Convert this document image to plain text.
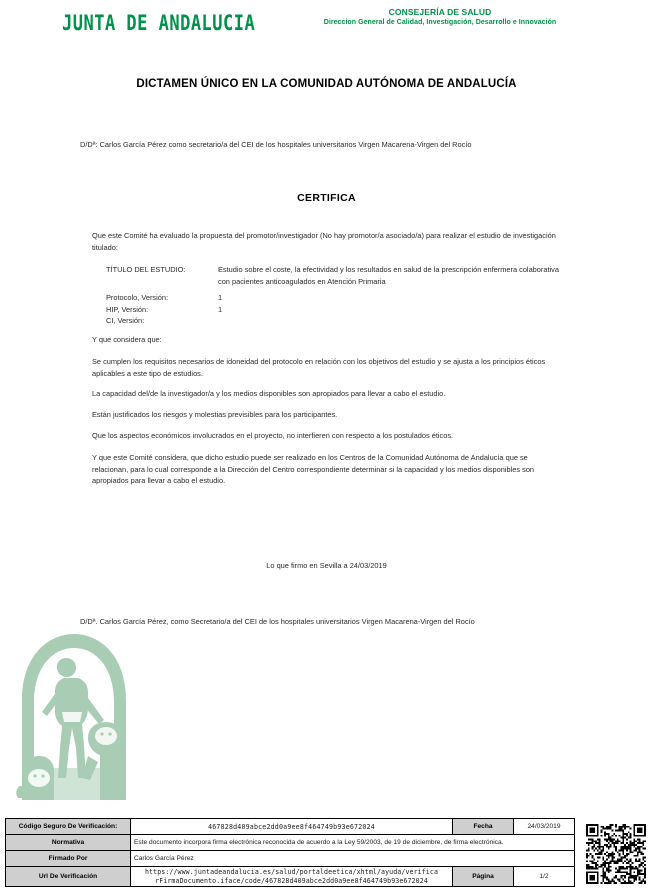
JUNTA DE ANDALUCIA	CONSEJERÍA DE SALUD
Direccion General de Calidad, Investigación, Desarrollo e Innovación
DICTAMEN ÚNICO EN LA COMUNIDAD AUTÓNOMA DE ANDALUCÍA
D/Dª: Carlos García Pérez como secretario/a del CEI de los hospitales universitarios Virgen Macarena-Virgen del Rocío
CERTIFICA
Que este Comité ha evaluado la propuesta del promotor/investigador (No hay promotor/a asociado/a) para realizar el estudio de investigación titulado:
TÍTULO DEL ESTUDIO:	Estudio sobre el coste, la efectividad y los resultados en salud de la prescripción enfermera colaborativa con pacientes anticoagulados en Atención Primaria
Protocolo, Versión:	1
HIP, Versión:	1
CI, Versión:
Y que considera que:
Se cumplen los requisitos necesarios de idoneidad del protocolo en relación con los objetivos del estudio y se ajusta a los principios éticos aplicables a este tipo de estudios.
La capacidad del/de la investigador/a y los medios disponibles son apropiados para llevar a cabo el estudio.
Están justificados los riesgos y molestias previsibles para los participantes.
Que los aspectos económicos involucrados en el proyecto, no interfieren con respecto a los postulados éticos.
Y que este Comité considera, que dicho estudio puede ser realizado en los Centros de la Comunidad Autónoma de Andalucía que se relacionan, para lo cual corresponde a la Dirección del Centro correspondiente determinar si la capacidad y los medios disponibles son apropiados para llevar a cabo el estudio.
Lo que firmo en Sevilla a 24/03/2019
D/Dª. Carlos García Pérez, como Secretario/a del CEI de los hospitales universitarios Virgen Macarena-Virgen del Rocío
Código Seguro De Verificación:	467828d409abce2dd0a9ee8f464749b93e672024	Fecha	24/03/2019
Normativa	Este documento incorpora firma electrónica reconocida de acuerdo a la Ley 59/2003, de 19 de diciembre, de firma electrónica.		
Firmado Por	Carlos García Pérez		
Url De Verificación	https://www.juntadeandalucia.es/salud/portaldeetica/xhtml/ayuda/verifica
rFirmaDocumento.iface/code/467828d409abce2dd0a9ee8f464749b93e672024	Página	1/2
